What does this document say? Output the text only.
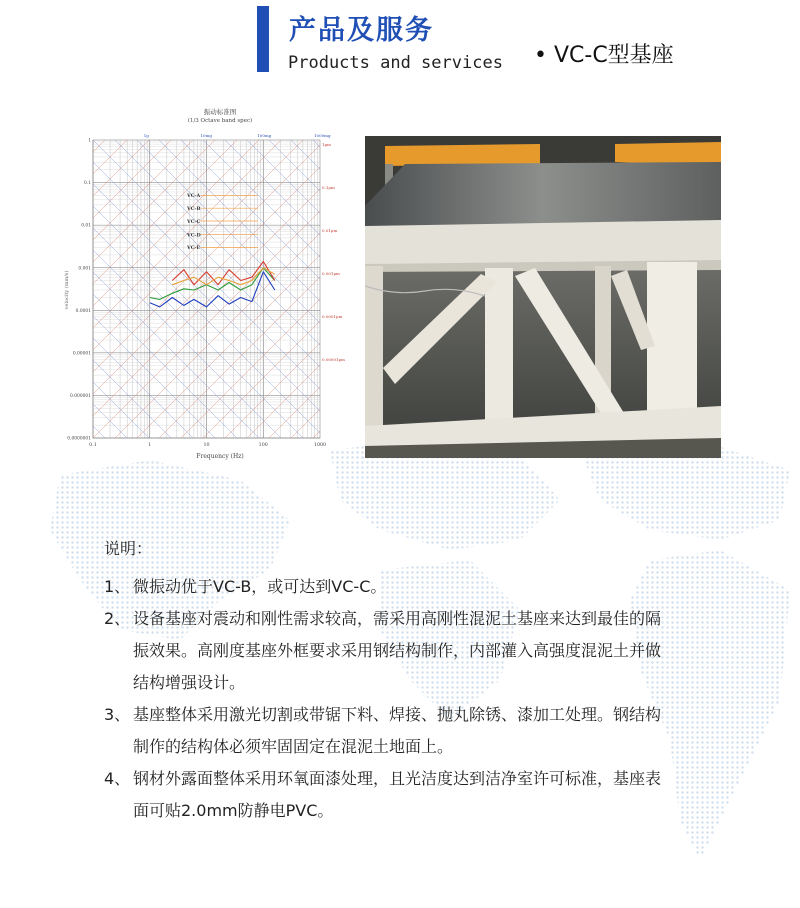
产品及服务
Products and services • VC-C型基座
振动标准图
(1/3 Octave band spec)
0.1	1	10	100	1000
1
0.1
0.01
0.001
0.0001
0.00001
0.000001
0.0000001
1g	10mg	100mg	1000mg
1μm
0.1μm
0.01μm
0.001μm
0.0001μm
0.00001μm
VC-A
VC-B
VC-C
VC-D
VC-E
Frequency (Hz)
velocity (mm/s)
说明：
1、 微振动优于VC-B，或可达到VC-C。
2、 设备基座对震动和刚性需求较高，需采用高刚性混泥土基座来达到最佳的隔振效果。高刚度基座外框要求采用钢结构制作，内部灌入高强度混泥土并做结构增强设计。
3、 基座整体采用激光切割或带锯下料、焊接、抛丸除锈、漆加工处理。钢结构制作的结构体必须牢固固定在混泥土地面上。
4、 钢材外露面整体采用环氧面漆处理，且光洁度达到洁净室许可标准，基座表面可贴2.0mm防静电PVC。
